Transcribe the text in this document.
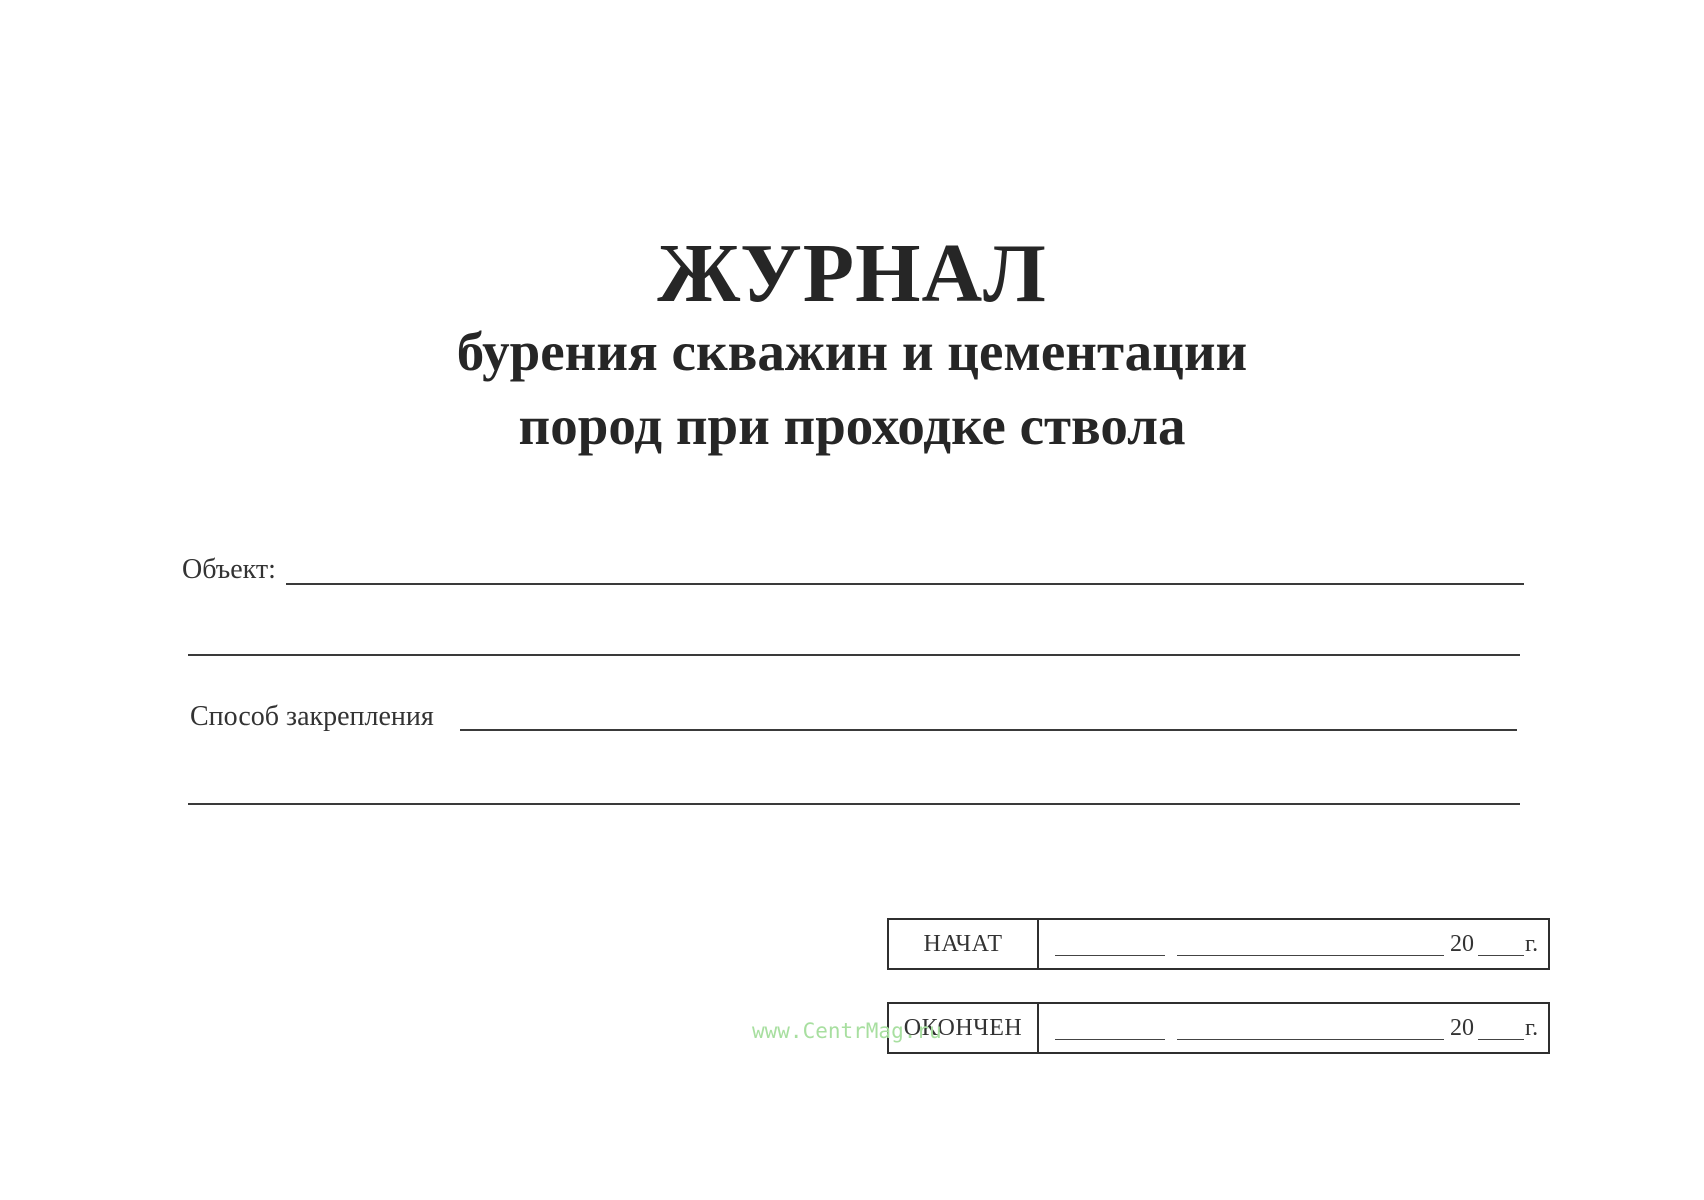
ЖУРНАЛ
бурения скважин и цементации
пород при проходке ствола
Объект:
Способ закрепления
НАЧАТ	20 г.
ОКОНЧЕН	20 г.
www.CentrMag.ru
